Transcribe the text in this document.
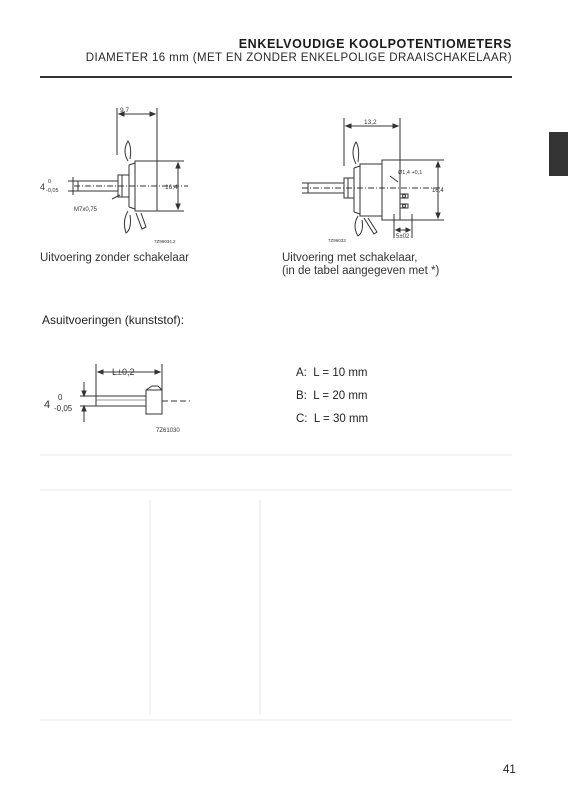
ENKELVOUDIGE KOOLPOTENTIOMETERS
DIAMETER 16 mm (MET EN ZONDER ENKELPOLIGE DRAAISCHAKELAAR)
9,7
16,4
4 0
-0,05
M7x0,75
7Z96034.2
Uitvoering zonder schakelaar
13,2
Ø1,4 +0,1
16,4
5±02
7Z96033
Uitvoering met schakelaar,
(in de tabel aangegeven met *)
Asuitvoeringen (kunststof):
L±0,2
4
0
-0,05
7Z61030
A: L = 10 mm
B: L = 20 mm
C: L = 30 mm
41
